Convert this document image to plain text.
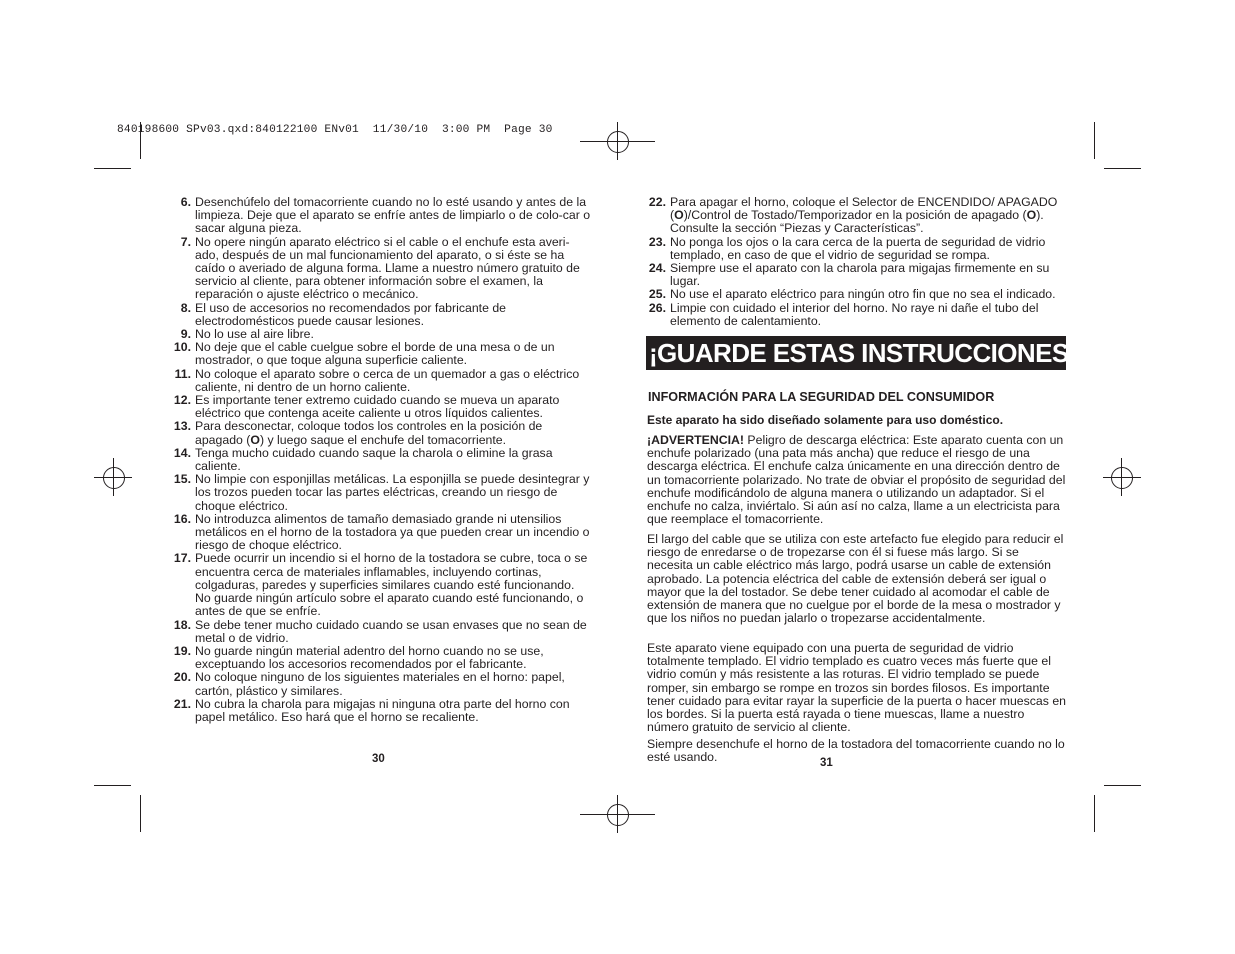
840198600 SPv03.qxd:840122100 ENv01  11/30/10  3:00 PM  Page 30
6. Desenchúfelo del tomacorriente cuando no lo esté usando y antes de la limpieza. Deje que el aparato se enfríe antes de limpiarlo o de colo-car o sacar alguna pieza.
7. No opere ningún aparato eléctrico si el cable o el enchufe esta averi-ado, después de un mal funcionamiento del aparato, o si éste se ha caído o averiado de alguna forma. Llame a nuestro número gratuito de servicio al cliente, para obtener información sobre el examen, la reparación o ajuste eléctrico o mecánico.
8. El uso de accesorios no recomendados por fabricante de electrodomésticos puede causar lesiones.
9. No lo use al aire libre.
10. No deje que el cable cuelgue sobre el borde de una mesa o de un mostrador, o que toque alguna superficie caliente.
11. No coloque el aparato sobre o cerca de un quemador a gas o eléctrico caliente, ni dentro de un horno caliente.
12. Es importante tener extremo cuidado cuando se mueva un aparato eléctrico que contenga aceite caliente u otros líquidos calientes.
13. Para desconectar, coloque todos los controles en la posición de apagado (O) y luego saque el enchufe del tomacorriente.
14. Tenga mucho cuidado cuando saque la charola o elimine la grasa caliente.
15. No limpie con esponjillas metálicas. La esponjilla se puede desintegrar y los trozos pueden tocar las partes eléctricas, creando un riesgo de choque eléctrico.
16. No introduzca alimentos de tamaño demasiado grande ni utensilios metálicos en el horno de la tostadora ya que pueden crear un incendio o riesgo de choque eléctrico.
17. Puede ocurrir un incendio si el horno de la tostadora se cubre, toca o se encuentra cerca de materiales inflamables, incluyendo cortinas, colgaduras, paredes y superficies similares cuando esté funcionando. No guarde ningún artículo sobre el aparato cuando esté funcionando, o antes de que se enfríe.
18. Se debe tener mucho cuidado cuando se usan envases que no sean de metal o de vidrio.
19. No guarde ningún material adentro del horno cuando no se use, exceptuando los accesorios recomendados por el fabricante.
20. No coloque ninguno de los siguientes materiales en el horno: papel, cartón, plástico y similares.
21. No cubra la charola para migajas ni ninguna otra parte del horno con papel metálico. Eso hará que el horno se recaliente.
30
22. Para apagar el horno, coloque el Selector de ENCENDIDO/ APAGADO (O)/Control de Tostado/Temporizador en la posición de apagado (O). Consulte la sección “Piezas y Características”.
23. No ponga los ojos o la cara cerca de la puerta de seguridad de vidrio templado, en caso de que el vidrio de seguridad se rompa.
24. Siempre use el aparato con la charola para migajas firmemente en su lugar.
25. No use el aparato eléctrico para ningún otro fin que no sea el indicado.
26. Limpie con cuidado el interior del horno. No raye ni dañe el tubo del elemento de calentamiento.
¡GUARDE ESTAS INSTRUCCIONES!
INFORMACIÓN PARA LA SEGURIDAD DEL CONSUMIDOR
Este aparato ha sido diseñado solamente para uso doméstico.
¡ADVERTENCIA! Peligro de descarga eléctrica: Este aparato cuenta con un enchufe polarizado (una pata más ancha) que reduce el riesgo de una descarga eléctrica. El enchufe calza únicamente en una dirección dentro de un tomacorriente polarizado. No trate de obviar el propósito de seguridad del enchufe modificándolo de alguna manera o utilizando un adaptador. Si el enchufe no calza, inviértalo. Si aún así no calza, llame a un electricista para que reemplace el tomacorriente.
El largo del cable que se utiliza con este artefacto fue elegido para reducir el riesgo de enredarse o de tropezarse con él si fuese más largo. Si se necesita un cable eléctrico más largo, podrá usarse un cable de extensión aprobado. La potencia eléctrica del cable de extensión deberá ser igual o mayor que la del tostador. Se debe tener cuidado al acomodar el cable de extensión de manera que no cuelgue por el borde de la mesa o mostrador y que los niños no puedan jalarlo o tropezarse accidentalmente.
Este aparato viene equipado con una puerta de seguridad de vidrio totalmente templado. El vidrio templado es cuatro veces más fuerte que el vidrio común y más resistente a las roturas. El vidrio templado se puede romper, sin embargo se rompe en trozos sin bordes filosos. Es importante tener cuidado para evitar rayar la superficie de la puerta o hacer muescas en los bordes. Si la puerta está rayada o tiene muescas, llame a nuestro número gratuito de servicio al cliente.
Siempre desenchufe el horno de la tostadora del tomacorriente cuando no lo esté usando.	31
